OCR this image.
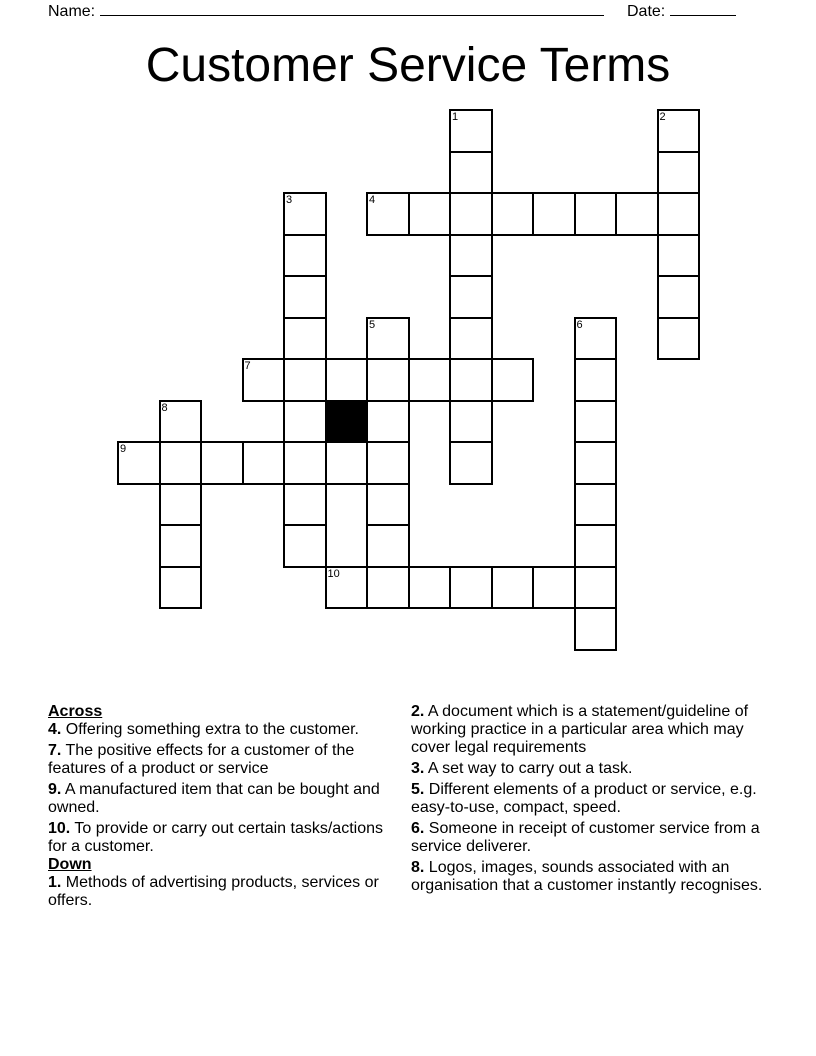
Name:	Date:
Customer Service Terms
1	2
3	4
5	6
7
8
9
10
Across
4. Offering something extra to the customer.
7. The positive effects for a customer of the features of a product or service
9. A manufactured item that can be bought and owned.
10. To provide or carry out certain tasks/actions for a customer.
Down
1. Methods of advertising products, services or offers.
2. A document which is a statement/guideline of working practice in a particular area which may cover legal requirements
3. A set way to carry out a task.
5. Different elements of a product or service, e.g. easy-to-use, compact, speed.
6. Someone in receipt of customer service from a service deliverer.
8. Logos, images, sounds associated with an organisation that a customer instantly recognises.
